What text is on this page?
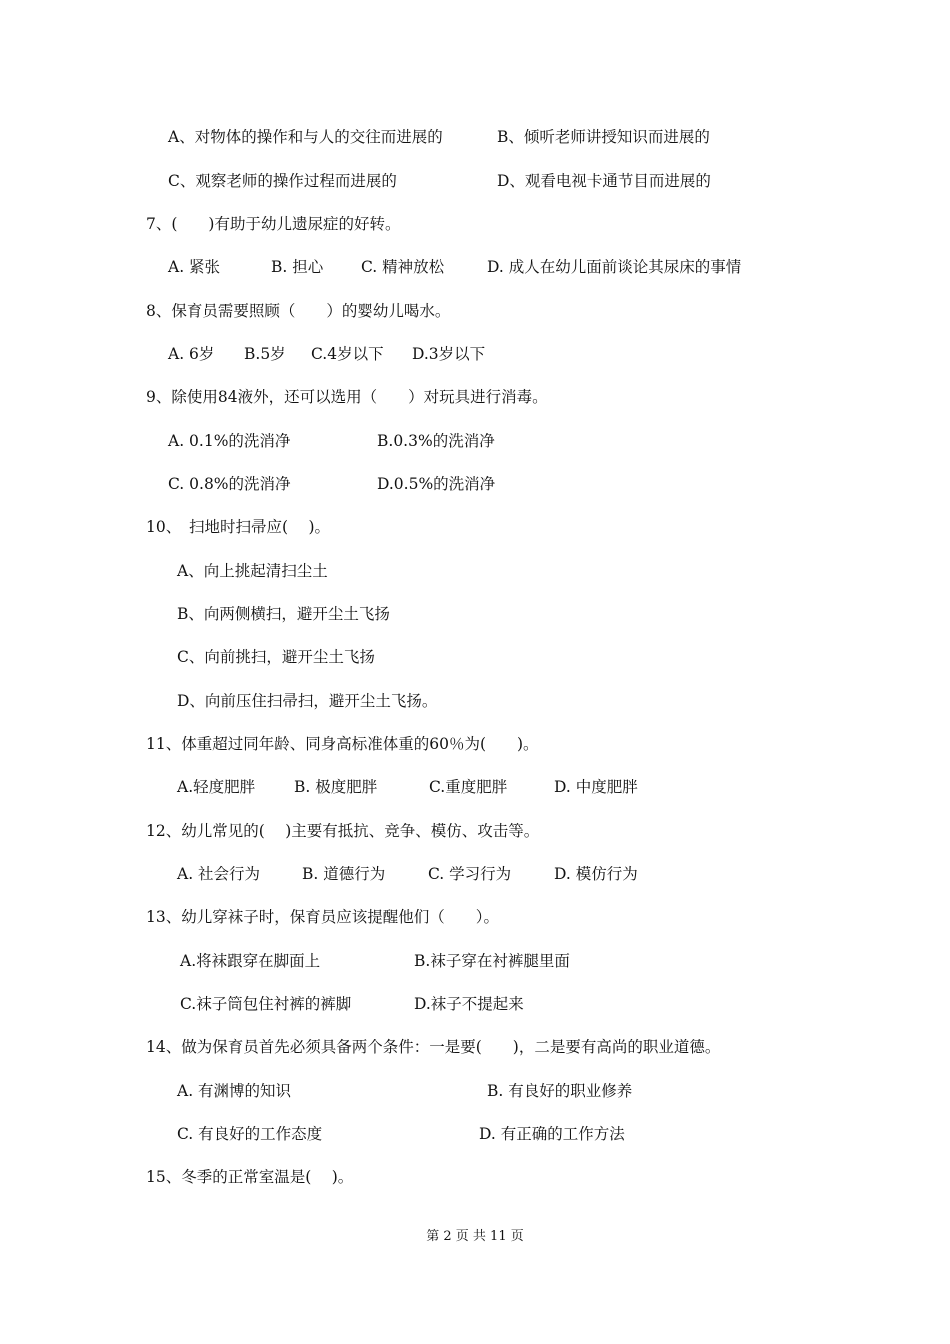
A、对物体的操作和与人的交往而进展的	B、倾听老师讲授知识而进展的
C、观察老师的操作过程而进展的	D、观看电视卡通节目而进展的
7、(　　)有助于幼儿遗尿症的好转。
A. 紧张	B. 担心 C. 精神放松	D. 成人在幼儿面前谈论其尿床的事情
8、保育员需要照顾（　　）的婴幼儿喝水。
A. 6岁 B.5岁 C.4岁以下 D.3岁以下
9、除使用84液外，还可以选用（　　）对玩具进行消毒。
A. 0.1%的洗消净	B.0.3%的洗消净
C. 0.8%的洗消净	D.0.5%的洗消净
10、　扫地时扫帚应(　 )。
A、向上挑起清扫尘土
B、向两侧横扫，避开尘土飞扬
C、向前挑扫，避开尘土飞扬
D、向前压住扫帚扫，避开尘土飞扬。
11、体重超过同年龄、同身高标准体重的60％为(　　)。
A.轻度肥胖	B. 极度肥胖	C.重度肥胖	D. 中度肥胖
12、幼儿常见的(　 )主要有抵抗、竞争、模仿、攻击等。
A. 社会行为	B. 道德行为	C. 学习行为	D. 模仿行为
13、幼儿穿袜子时，保育员应该提醒他们（　　）。
A.将袜跟穿在脚面上	B.袜子穿在衬裤腿里面
C.袜子筒包住衬裤的裤脚	D.袜子不提起来
14、做为保育员首先必须具备两个条件：一是要(　　)，二是要有高尚的职业道德。
A. 有渊博的知识	B. 有良好的职业修养
C. 有良好的工作态度	D. 有正确的工作方法
15、冬季的正常室温是(　 )。
第 2 页 共 11 页
